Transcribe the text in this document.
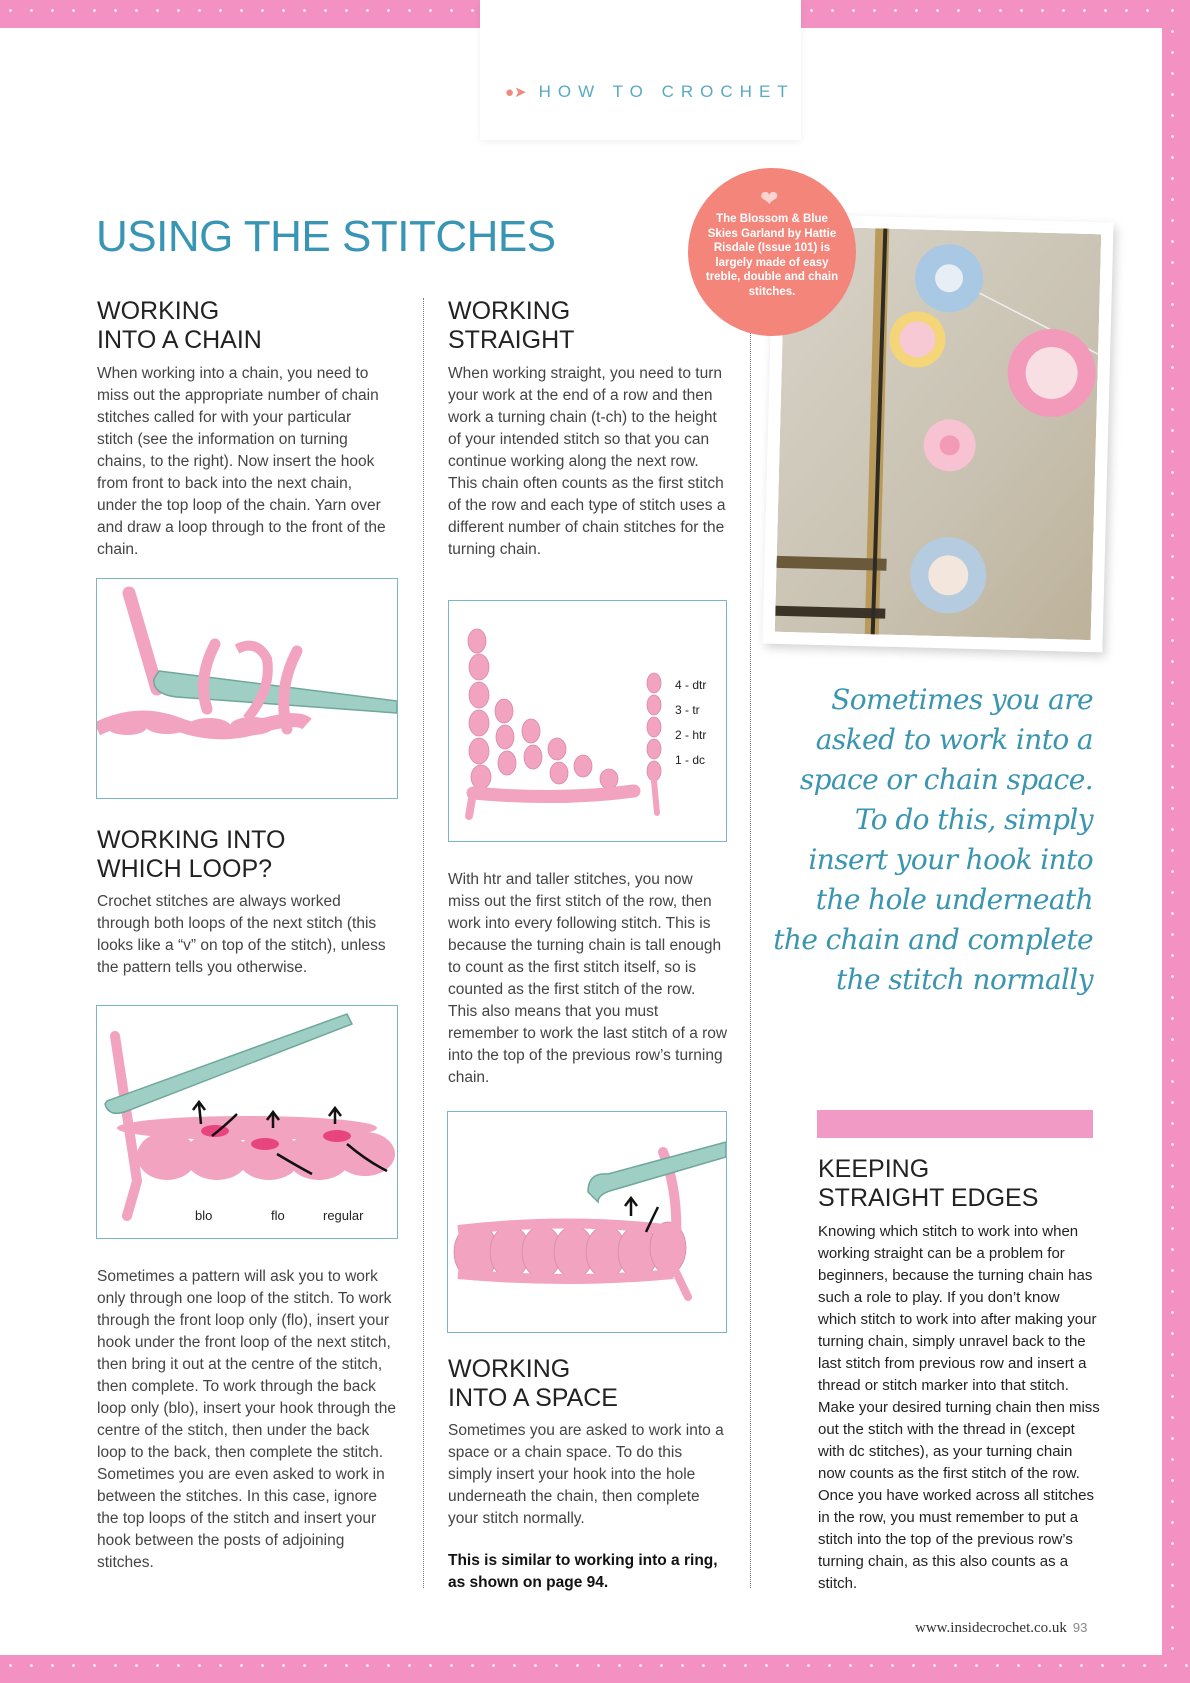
●➤ HOW TO CROCHET
USING THE STITCHES
WORKING
INTO A CHAIN

When working into a chain, you need to miss out the appropriate number of chain stitches called for with your particular stitch (see the information on turning chains, to the right). Now insert the hook from front to back into the next chain, under the top loop of the chain. Yarn over and draw a loop through to the front of the chain.

WORKING INTO
WHICH LOOP?

Crochet stitches are always worked through both loops of the next stitch (this looks like a “v” on top of the stitch), unless the pattern tells you otherwise.

blo	flo	regular

Sometimes a pattern will ask you to work only through one loop of the stitch. To work through the front loop only (flo), insert your hook under the front loop of the next stitch, then bring it out at the centre of the stitch, then complete. To work through the back loop only (blo), insert your hook through the centre of the stitch, then under the back loop to the back, then complete the stitch. Sometimes you are even asked to work in between the stitches. In this case, ignore the top loops of the stitch and insert your hook between the posts of adjoining stitches.

WORKING
STRAIGHT

When working straight, you need to turn your work at the end of a row and then work a turning chain (t-ch) to the height of your intended stitch so that you can continue working along the next row. This chain often counts as the first stitch of the row and each type of stitch uses a different number of chain stitches for the turning chain.

4 - dtr
3 - tr
2 - htr
1 - dc

With htr and taller stitches, you now miss out the first stitch of the row, then work into every following stitch. This is because the turning chain is tall enough to count as the first stitch itself, so is counted as the first stitch of the row. This also means that you must remember to work the last stitch of a row into the top of the previous row’s turning chain.

WORKING
INTO A SPACE

Sometimes you are asked to work into a space or a chain space. To do this simply insert your hook into the hole underneath the chain, then complete your stitch normally.

This is similar to working into a ring, as shown on page 94.

❤
The Blossom & Blue Skies Garland by Hattie Risdale (Issue 101) is largely made of easy treble, double and chain stitches.
Sometimes you are asked to work into a space or chain space. To do this, simply insert your hook into the hole underneath the chain and complete the stitch normally
KEEPING
STRAIGHT EDGES

Knowing which stitch to work into when working straight can be a problem for beginners, because the turning chain has such a role to play. If you don’t know which stitch to work into after making your turning chain, simply unravel back to the last stitch from previous row and insert a thread or stitch marker into that stitch. Make your desired turning chain then miss out the stitch with the thread in (except with dc stitches), as your turning chain now counts as the first stitch of the row. Once you have worked across all stitches in the row, you must remember to put a stitch into the top of the previous row’s turning chain, as this also counts as a stitch.

www.insidecrochet.co.uk 93
